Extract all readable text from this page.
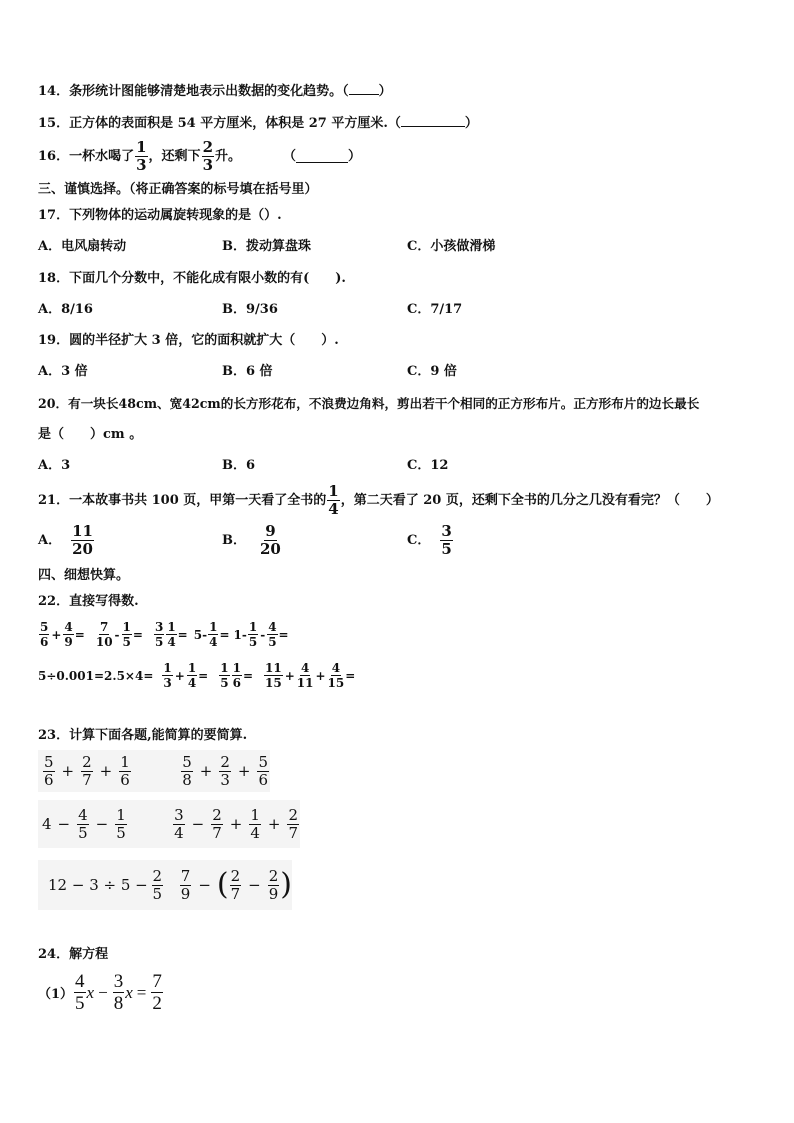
14．条形统计图能够清楚地表示出数据的变化趋势。（ ）
15．正方体的表面积是 54 平方厘米，体积是 27 平方厘米.（	）
16． 一杯水喝了 $\frac{1}{3}$ ，还剩下 $\frac{2}{3}$ 升。	（	）
三、谨慎选择。（将正确答案的标号填在括号里）
17．下列物体的运动属旋转现象的是（）.
A．电风扇转动	B．拨动算盘珠	C．小孩做滑梯
18．下面几个分数中，不能化成有限小数的有(　　).
A．8/16	B．9/36	C．7/17
19．圆的半径扩大 3 倍，它的面积就扩大（　　）.
A．3 倍	B．6 倍	C．9 倍
20．有一块长48cm、宽42cm的长方形花布，不浪费边角料，剪出若干个相同的正方形布片。正方形布片的边长最长
是（　　）cm 。
A．3	B．6	C．12
21．一本故事书共 100 页，甲第一天看了全书的 $\frac{1}{4}$ ，第二天看了 20 页，还剩下全书的几分之几没有看完？（　　）
A． $\frac{11}{20}$	B． $\frac{9}{20}$	C． $\frac{3}{5}$
四、细想快算。
22．直接写得数.
$\frac{5}{6} + \frac{4}{9} = \frac{7}{10} - \frac{1}{5} = \frac{3}{5} \frac{1}{4} = 5- \frac{1}{4} = 1- \frac{1}{5} - \frac{4}{5}$ =
$5\div 0.001= 2.5\times 4= \frac{1}{3} + \frac{1}{4} = \frac{1}{5} \frac{1}{6} = \frac{11}{15} + \frac{4}{11} + \frac{4}{15}$ =
23．计算下面各题,能简算的要简算.
$\frac{5}{6} + \frac{2}{7} + \frac{1}{6}$	$\frac{5}{8} + \frac{2}{3} + \frac{5}{6}$
$4 - \frac{4}{5} - \frac{1}{5}$	$\frac{3}{4} - \frac{2}{7} + \frac{1}{4} + \frac{2}{7}$
$12 - 3 \div 5 - \frac{2}{5} \frac{7}{9}$ − ( $\frac{2}{7} - \frac{2}{9}$ )
24．解方程
$(1) \frac{4}{5}$ $x - \frac{3}{8}$ $x = \frac{7}{2}$
